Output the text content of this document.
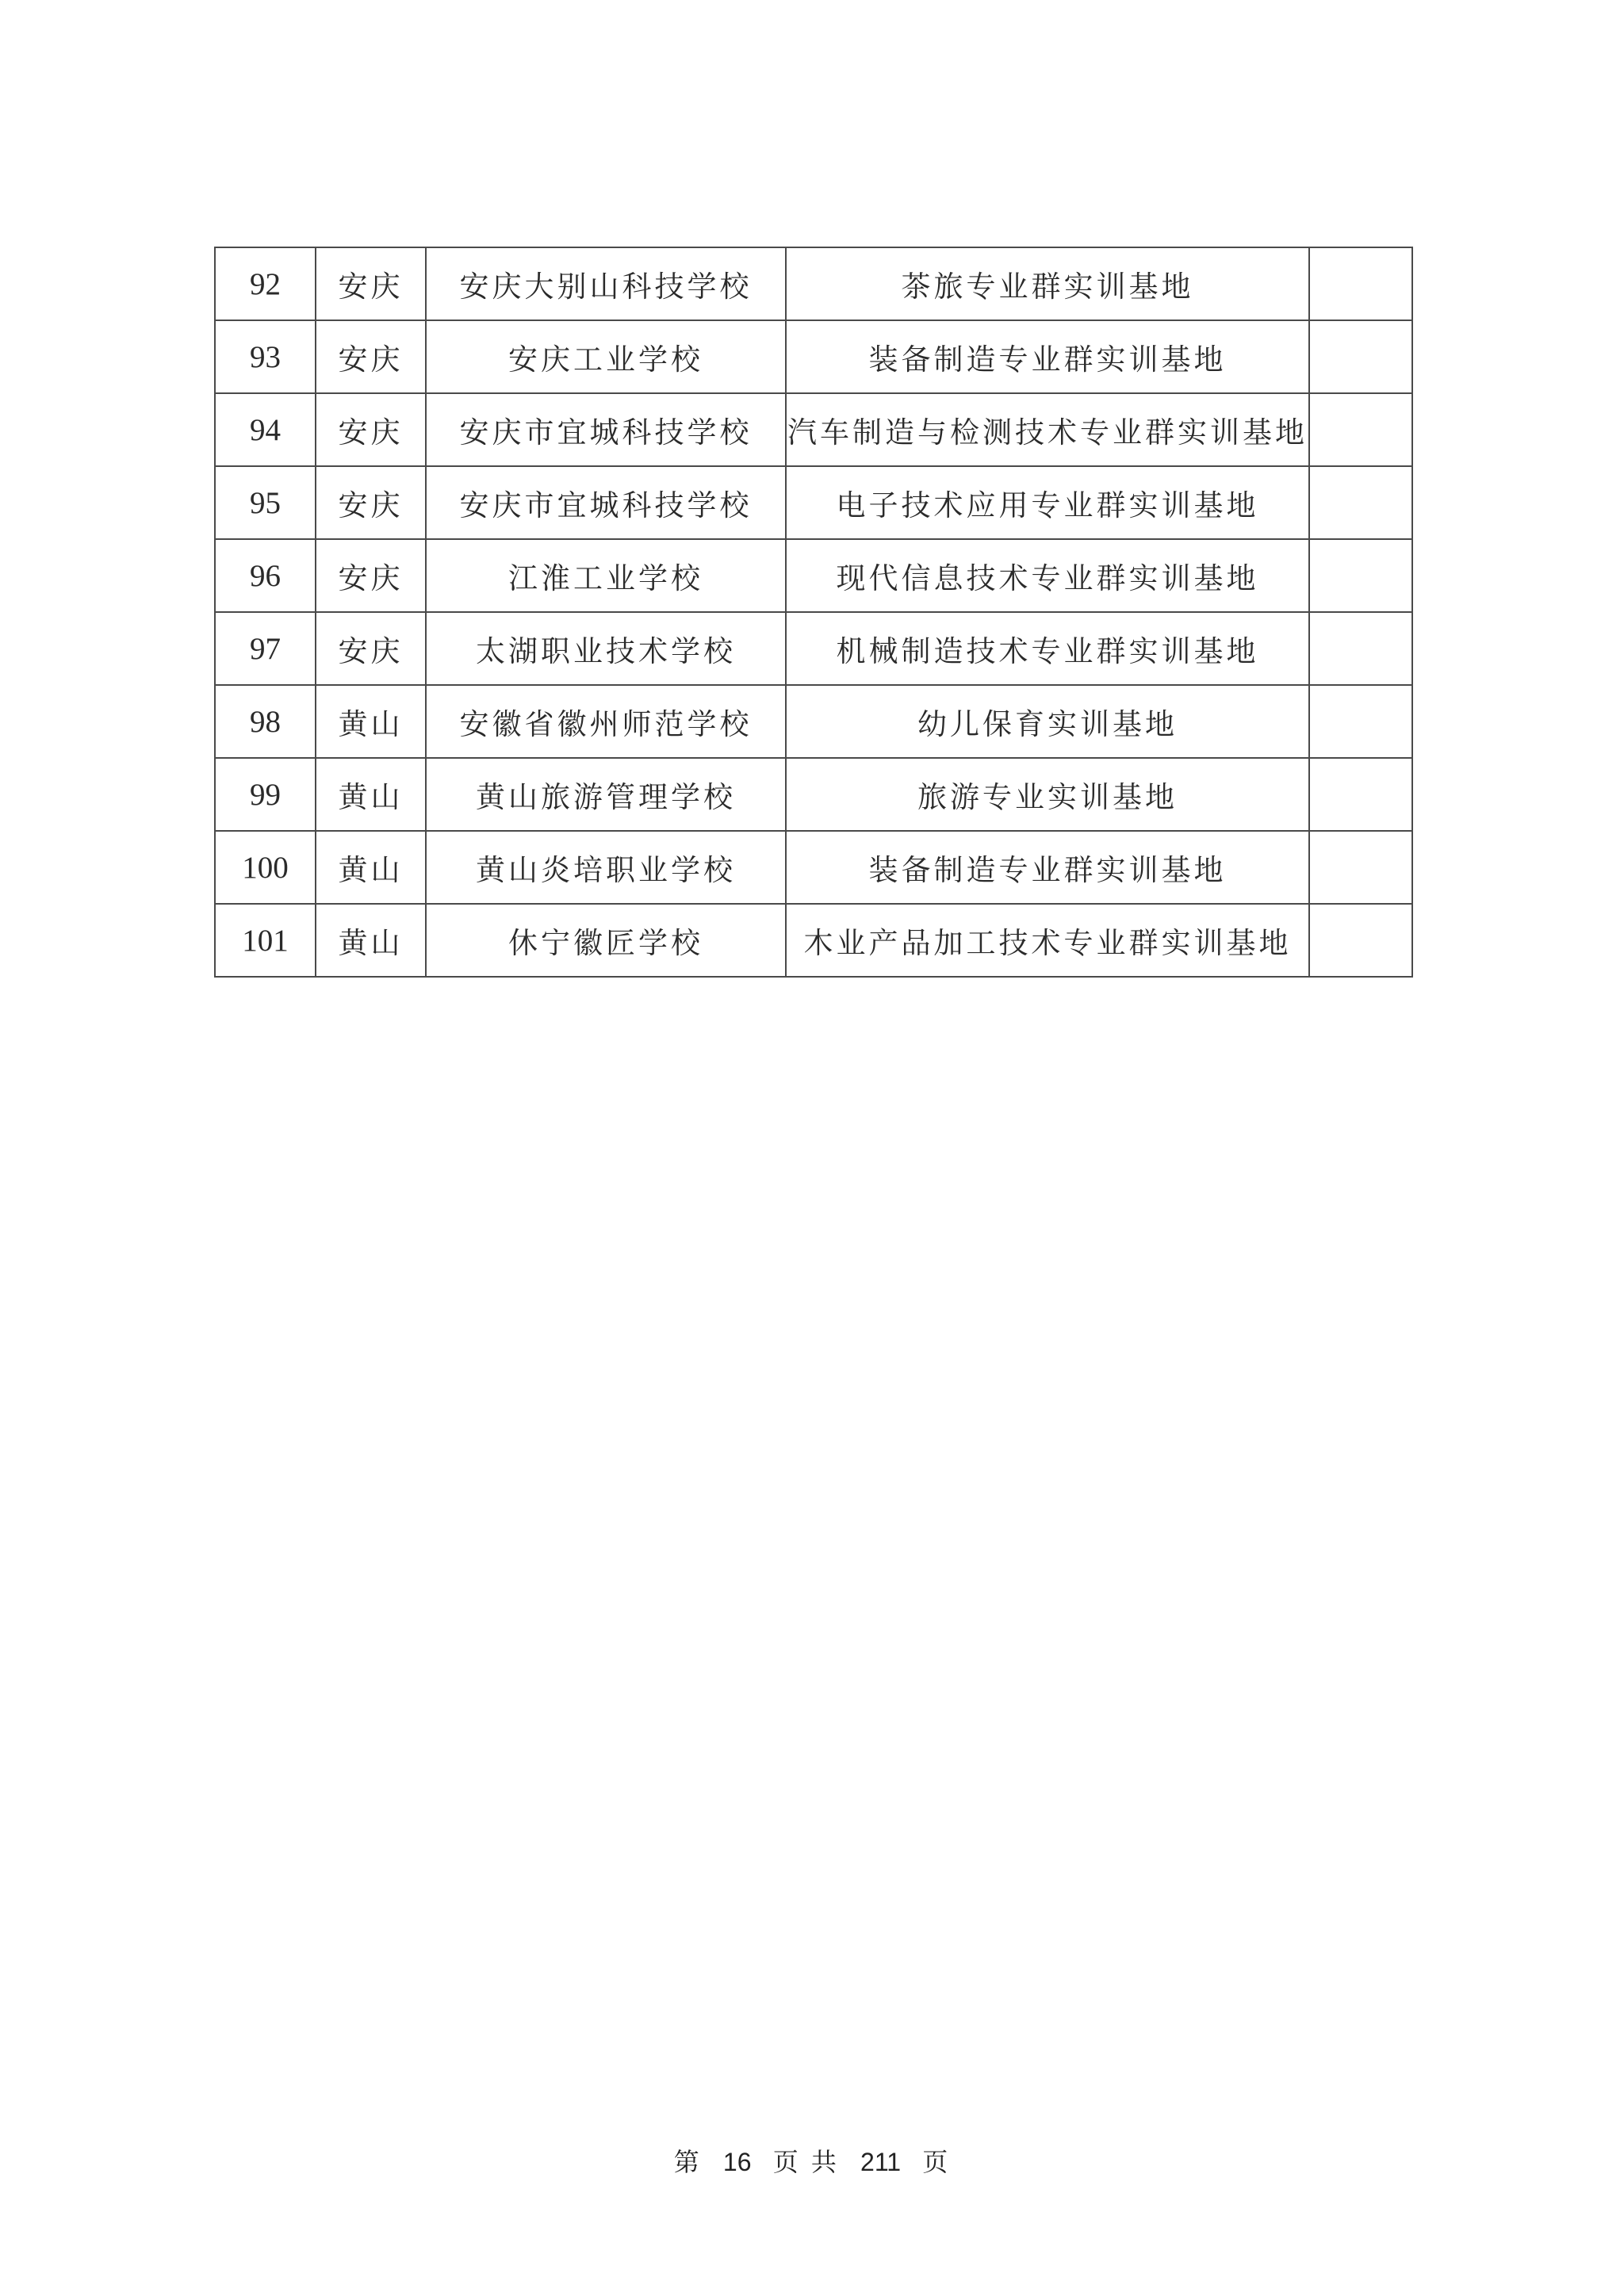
92	安庆	安庆大别山科技学校	茶旅专业群实训基地	
93	安庆	安庆工业学校	装备制造专业群实训基地	
94	安庆	安庆市宜城科技学校	汽车制造与检测技术专业群实训基地	
95	安庆	安庆市宜城科技学校	电子技术应用专业群实训基地	
96	安庆	江淮工业学校	现代信息技术专业群实训基地	
97	安庆	太湖职业技术学校	机械制造技术专业群实训基地	
98	黄山	安徽省徽州师范学校	幼儿保育实训基地	
99	黄山	黄山旅游管理学校	旅游专业实训基地	
100	黄山	黄山炎培职业学校	装备制造专业群实训基地	
101	黄山	休宁徽匠学校	木业产品加工技术专业群实训基地	
第 16 页 共 211 页
